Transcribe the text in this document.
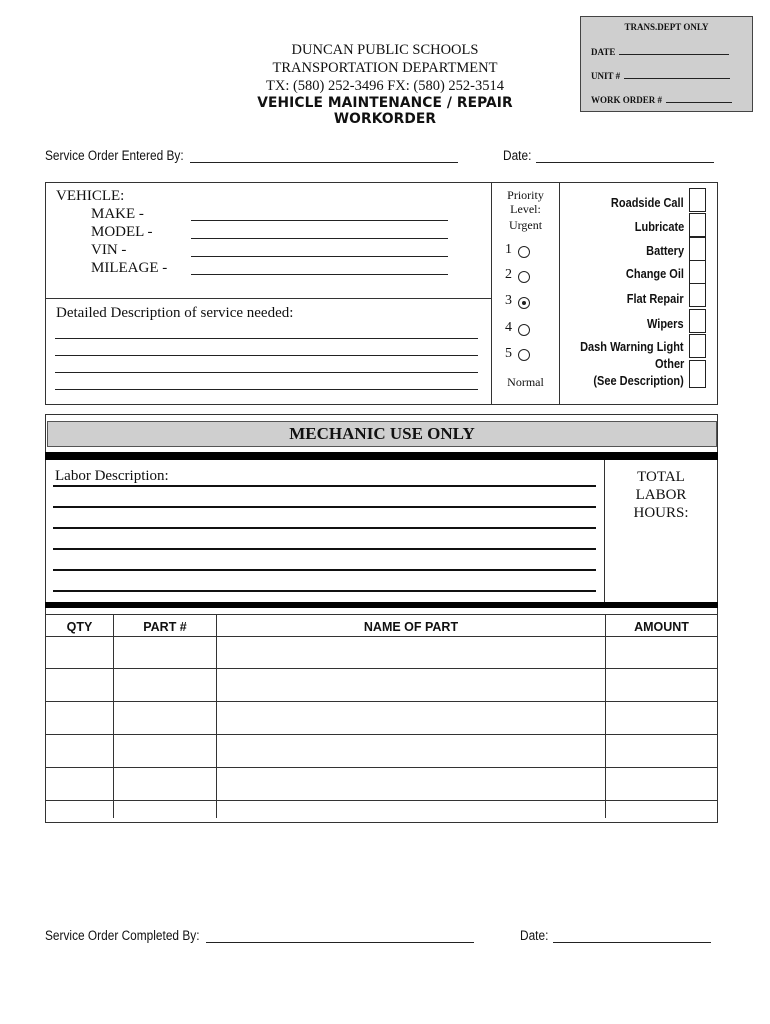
TRANS.DEPT ONLY
DATE
UNIT #
WORK ORDER #
DUNCAN PUBLIC SCHOOLS
TRANSPORTATION DEPARTMENT
TX: (580) 252-3496 FX: (580) 252-3514
VEHICLE MAINTENANCE / REPAIR WORKORDER
Service Order Entered By:	Date:
VEHICLE:
MAKE -
MODEL -
VIN -
MILEAGE -
Detailed Description of service needed:
Priority
Level:
Urgent
1
2
3
4
5
Normal
Roadside Call
Lubricate
Battery
Change Oil
Flat Repair
Wipers
Dash Warning Light
Other
(See Description)
MECHANIC USE ONLY
Labor Description:	TOTAL
LABOR
HOURS:
QTY	PART #	NAME OF PART	AMOUNT
Service Order Completed By:	Date:
